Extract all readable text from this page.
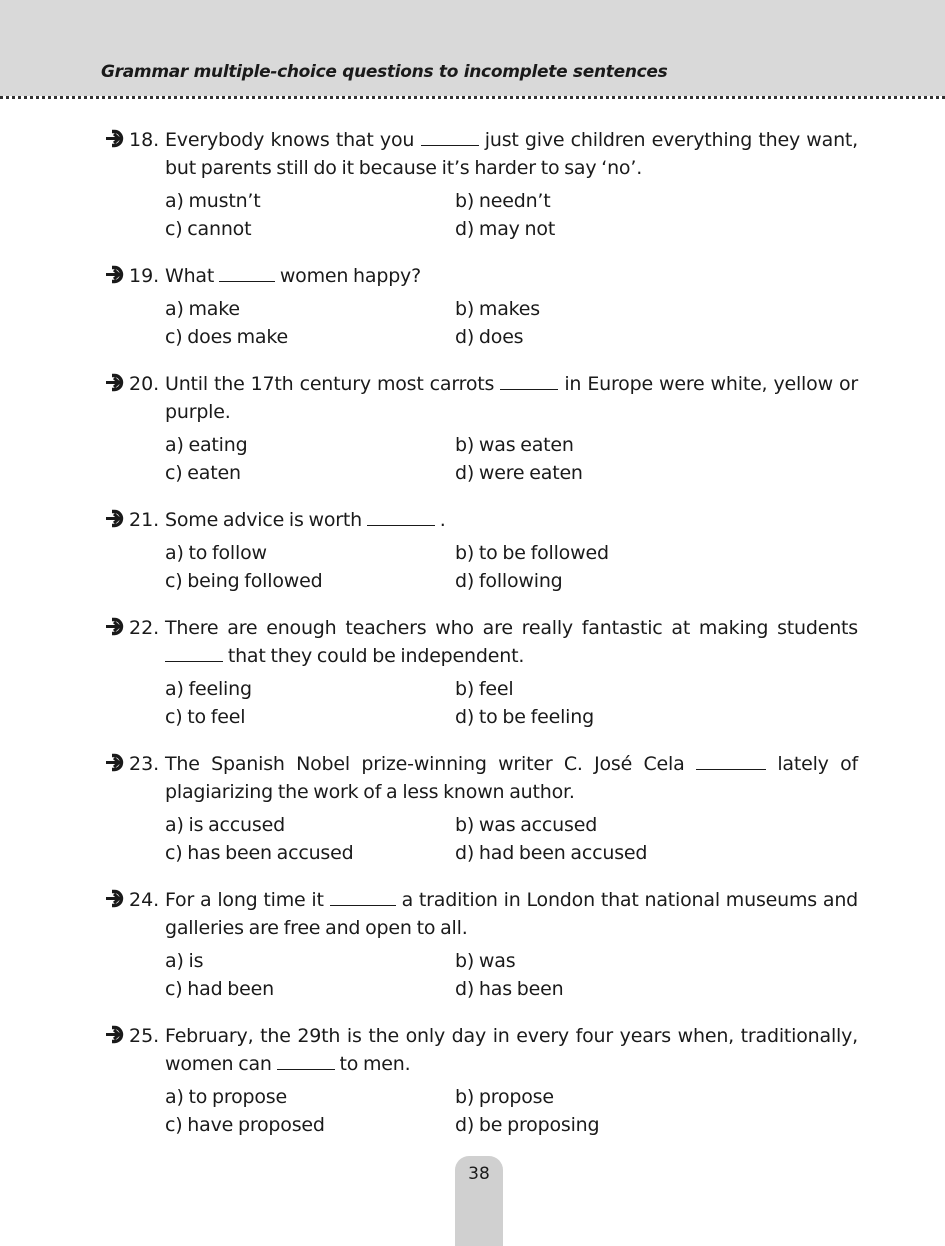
Grammar multiple-choice questions to incomplete sentences
18. Everybody knows that you	just give children everything they want, but parents still do it because it’s harder to say ‘no’.
a) mustn’t	b) needn’t
c) cannot	d) may not
19. What	women happy?
a) make	b) makes
c) does make	d) does
20. Until the 17th century most carrots	in Europe were white, yellow or purple.
a) eating	b) was eaten
c) eaten	d) were eaten
21. Some advice is worth	.
a) to follow	b) to be followed
c) being followed	d) following
22. There are enough teachers who are really fantastic at making students  that they could be independent.
a) feeling	b) feel
c) to feel	d) to be feeling
23. The Spanish Nobel prize-winning writer C. José Cela	lately of plagiarizing the work of a less known author.
a) is accused	b) was accused
c) has been accused	d) had been accused
24. For a long time it	a tradition in London that national museums and galleries are free and open to all.
a) is	b) was
c) had been	d) has been
25. February, the 29th is the only day in every four years when, traditionally, women can	to men.
a) to propose	b) propose
c) have proposed	d) be proposing
38
